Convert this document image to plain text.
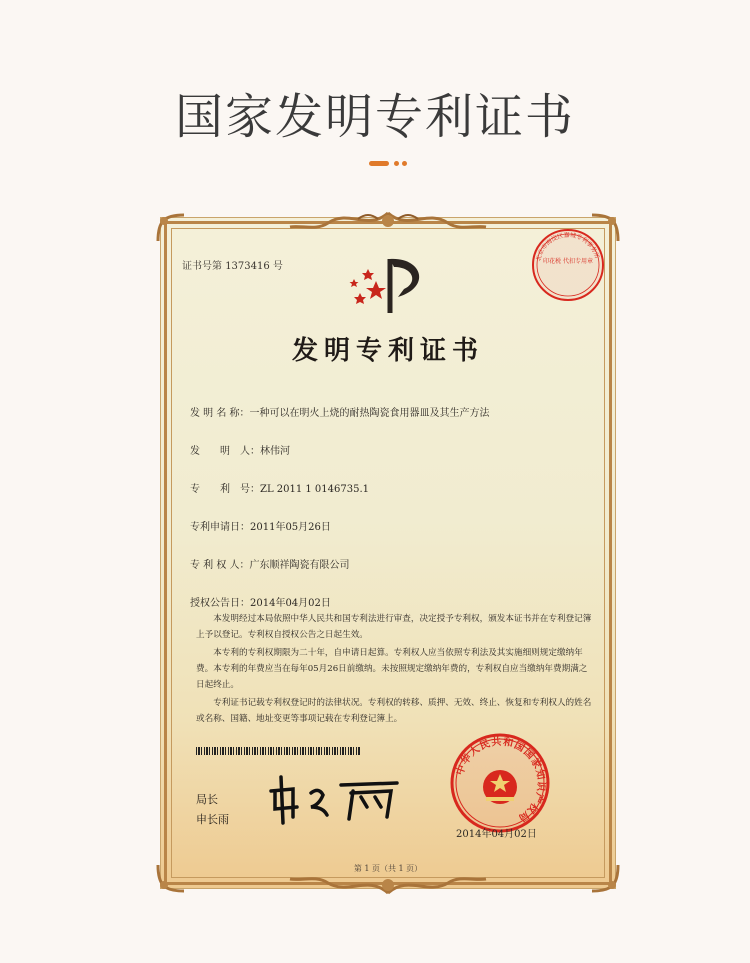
国家发明专利证书
证书号第 1373416 号
发明专利证书
发 明 名 称：一种可以在明火上烧的耐热陶瓷食用器皿及其生产方法
发　　明　人：林伟河
专　　利　号：ZL 2011 1 0146735.1
专利申请日：2011年05月26日
专 利 权 人：广东顺祥陶瓷有限公司
授权公告日：2014年04月02日

本发明经过本局依照中华人民共和国专利法进行审查，决定授予专利权，颁发本证书并在专利登记簿上予以登记。专利权自授权公告之日起生效。

本专利的专利权期限为二十年，自申请日起算。专利权人应当依照专利法及其实施细则规定缴纳年费。本专利的年费应当在每年05月26日前缴纳。未按照规定缴纳年费的，专利权自应当缴纳年费期满之日起终止。

专利证书记载专利权登记时的法律状况。专利权的转移、质押、无效、终止、恢复和专利权人的姓名或名称、国籍、地址变更等事项记载在专利登记簿上。

局长
申长雨
中华人民共和国国家知识产权局
2014年04月02日
北京市海淀区嘉城专利事务所
印花税 代扣专用章
第 1 页（共 1 页）
